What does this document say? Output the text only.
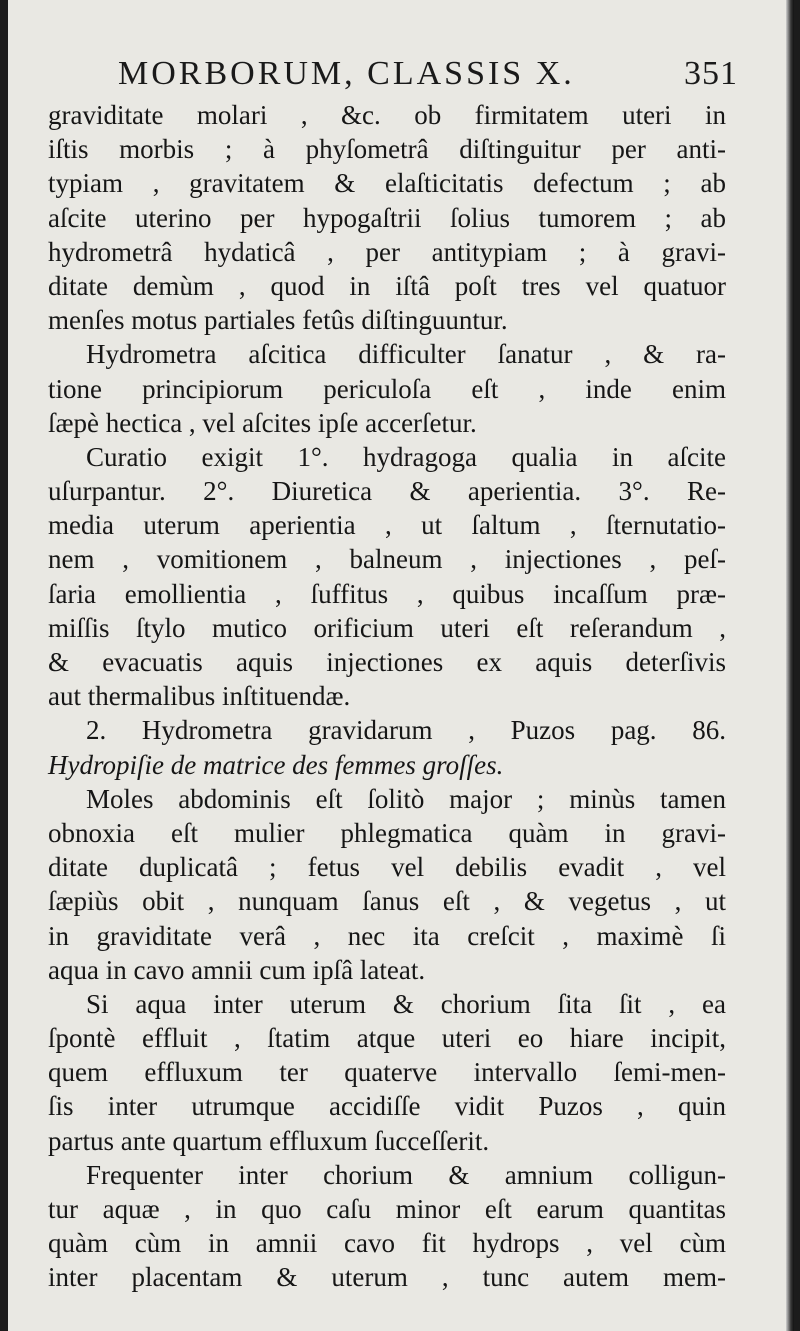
MORBORUM, CLASSIS X.	351
graviditate molari , &c. ob firmitatem uteri in
iſtis morbis ; à phyſometrâ diſtinguitur per anti-
typiam , gravitatem & elaſticitatis defectum ; ab
aſcite uterino per hypogaſtrii ſolius tumorem ; ab
hydrometrâ hydaticâ , per antitypiam ; à gravi-
ditate demùm , quod in iſtâ poſt tres vel quatuor
menſes motus partiales fetûs diſtinguuntur.
Hydrometra aſcitica difficulter ſanatur , & ra-
tione principiorum periculoſa eſt , inde enim
ſæpè hectica , vel aſcites ipſe accerſetur.
Curatio exigit 1°. hydragoga qualia in aſcite
uſurpantur. 2°. Diuretica & aperientia. 3°. Re-
media uterum aperientia , ut ſaltum , ſternutatio-
nem , vomitionem , balneum , injectiones , peſ-
ſaria emollientia , ſuffitus , quibus incaſſum præ-
miſſis ſtylo mutico orificium uteri eſt reſerandum ,
& evacuatis aquis injectiones ex aquis deterſivis
aut thermalibus inſtituendæ.
2. Hydrometra gravidarum , Puzos pag. 86.
Hydropiſie de matrice des femmes groſſes.
Moles abdominis eſt ſolitò major ; minùs tamen
obnoxia eſt mulier phlegmatica quàm in gravi-
ditate duplicatâ ; fetus vel debilis evadit , vel
ſæpiùs obit , nunquam ſanus eſt , & vegetus , ut
in graviditate verâ , nec ita creſcit , maximè ſi
aqua in cavo amnii cum ipſâ lateat.
Si aqua inter uterum & chorium ſita ſit , ea
ſpontè effluit , ſtatim atque uteri eo hiare incipit,
quem effluxum ter quaterve intervallo ſemi-men-
ſis inter utrumque accidiſſe vidit Puzos , quin
partus ante quartum effluxum ſucceſſerit.
Frequenter inter chorium & amnium colligun-
tur aquæ , in quo caſu minor eſt earum quantitas
quàm cùm in amnii cavo fit hydrops , vel cùm
inter placentam & uterum , tunc autem mem-
